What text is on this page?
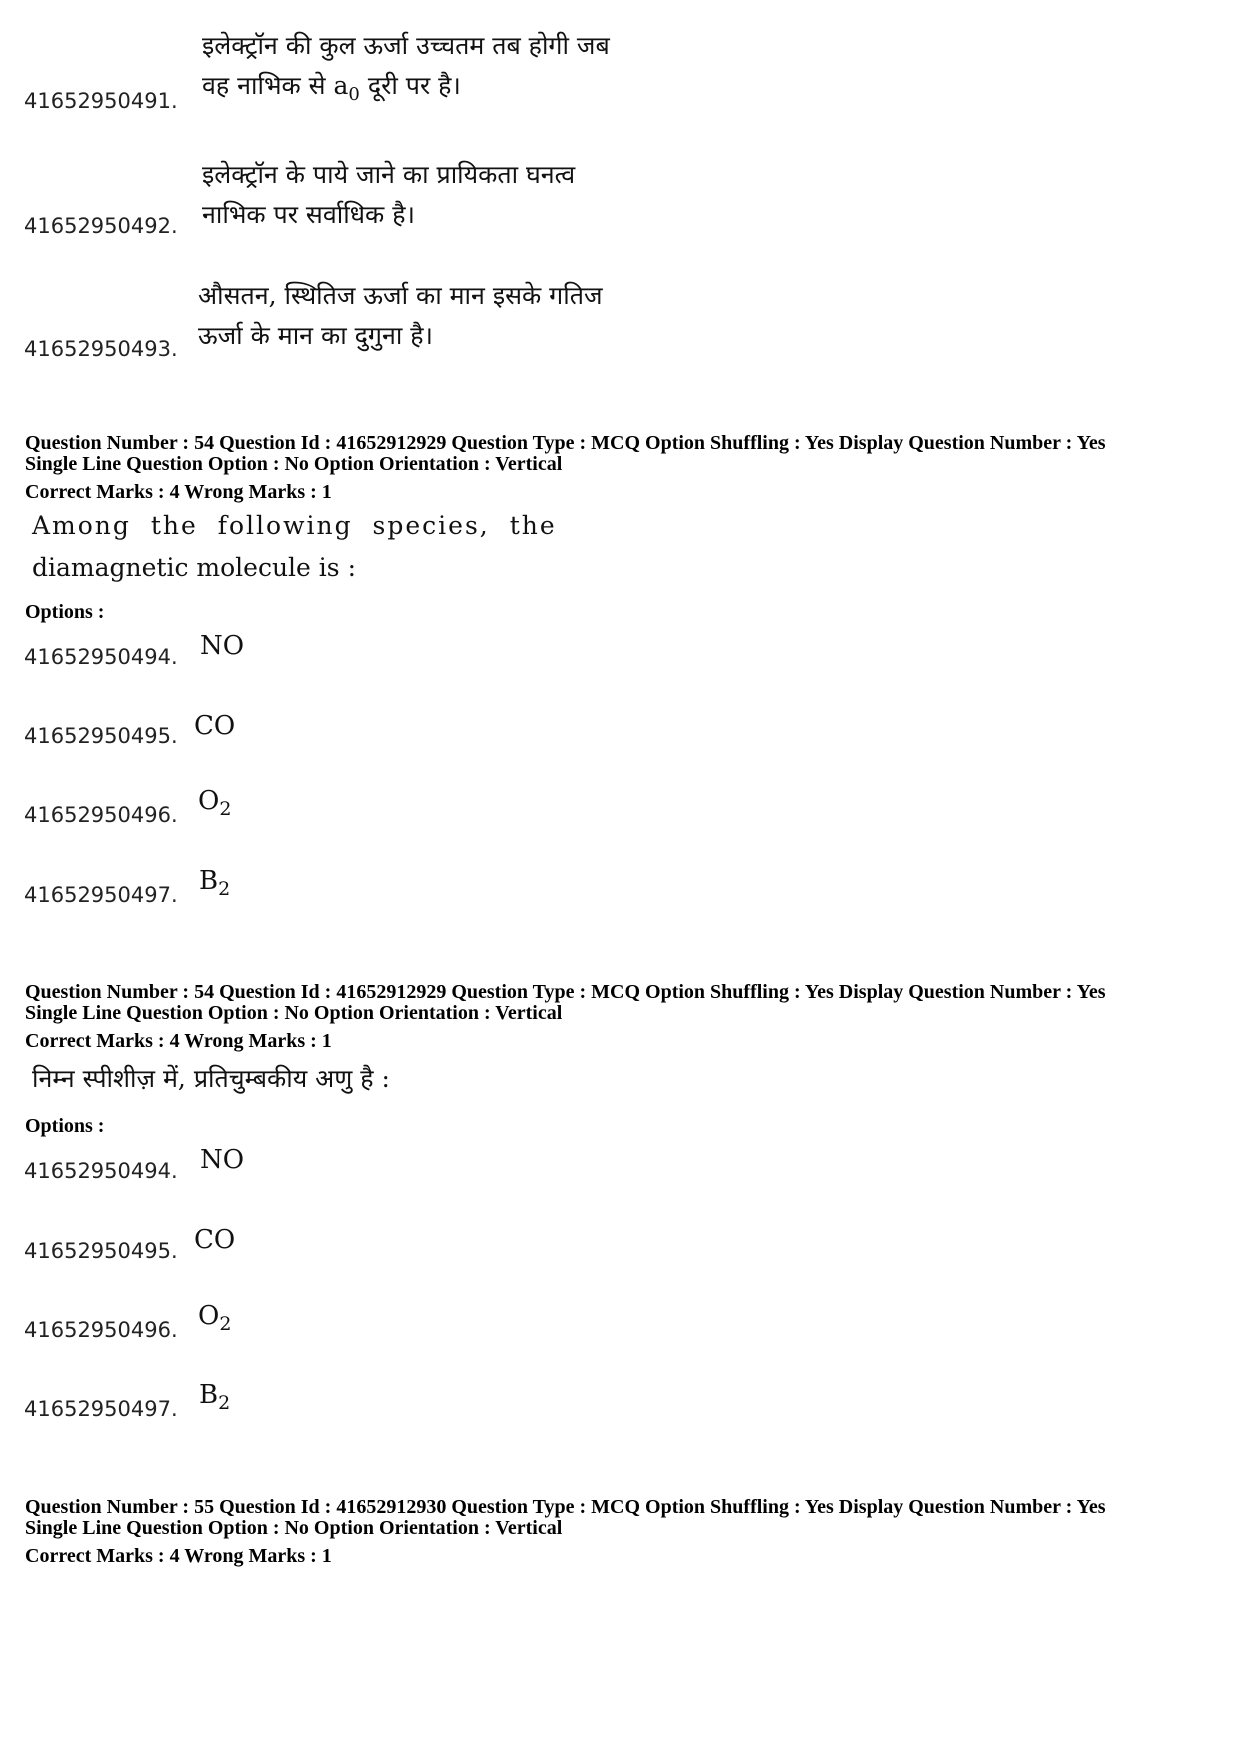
इलेक्ट्रॉन की कुल ऊर्जा उच्चतम तब होगी जब
वह नाभिक से $a_0$ दूरी पर है।
41652950491.
इलेक्ट्रॉन के पाये जाने का प्रायिकता घनत्व
नाभिक पर सर्वाधिक है।
41652950492.
औसतन, स्थितिज ऊर्जा का मान इसके गतिज
ऊर्जा के मान का दुगुना है।
41652950493.
Question Number : 54 Question Id : 41652912929 Question Type : MCQ Option Shuffling : Yes Display Question Number : Yes
Single Line Question Option : No Option Orientation : Vertical
Correct Marks : 4 Wrong Marks : 1
Among the following species, the
diamagnetic molecule is :
Options :
41652950494. NO
41652950495. CO
41652950496. $O_2$
41652950497. $B_2$
Question Number : 54 Question Id : 41652912929 Question Type : MCQ Option Shuffling : Yes Display Question Number : Yes
Single Line Question Option : No Option Orientation : Vertical
Correct Marks : 4 Wrong Marks : 1
निम्न स्पीशीज़ में, प्रतिचुम्बकीय अणु है :
Options :
41652950494. NO
41652950495. CO
41652950496. $O_2$
41652950497. $B_2$
Question Number : 55 Question Id : 41652912930 Question Type : MCQ Option Shuffling : Yes Display Question Number : Yes
Single Line Question Option : No Option Orientation : Vertical
Correct Marks : 4 Wrong Marks : 1
